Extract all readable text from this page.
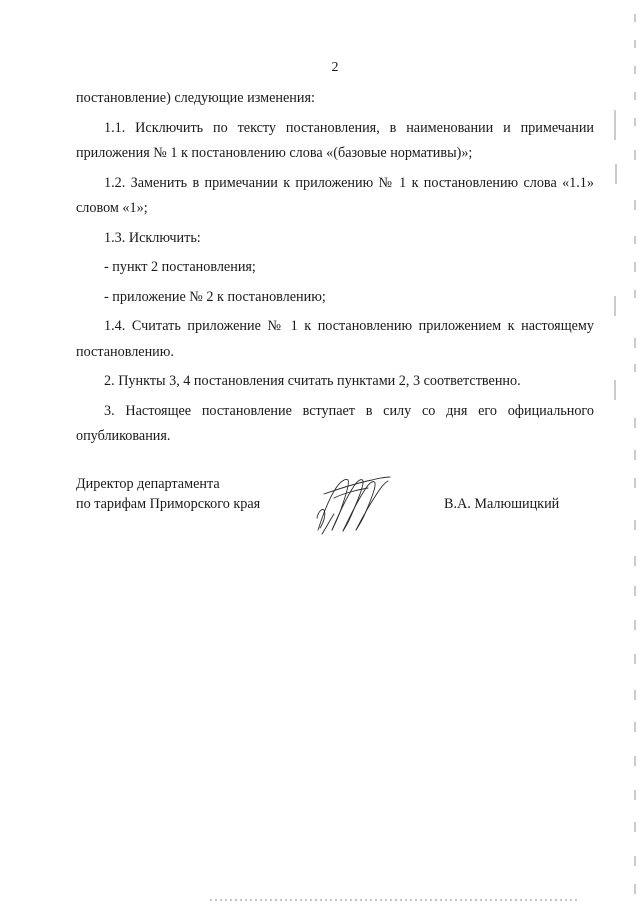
2

постановление) следующие изменения:

1.1. Исключить по тексту постановления, в наименовании и примечании приложения № 1 к постановлению слова «(базовые нормативы)»;

1.2. Заменить в примечании к приложению № 1 к постановлению слова «1.1» словом «1»;

1.3. Исключить:

- пункт 2 постановления;

- приложение № 2 к постановлению;

1.4. Считать приложение № 1 к постановлению приложением к настоящему постановлению.

2. Пункты 3, 4 постановления считать пунктами 2, 3 соответственно.

3. Настоящее постановление вступает в силу со дня его официального опубликования.

Директор департамента
по тарифам Приморского края	В.А. Малюшицкий
